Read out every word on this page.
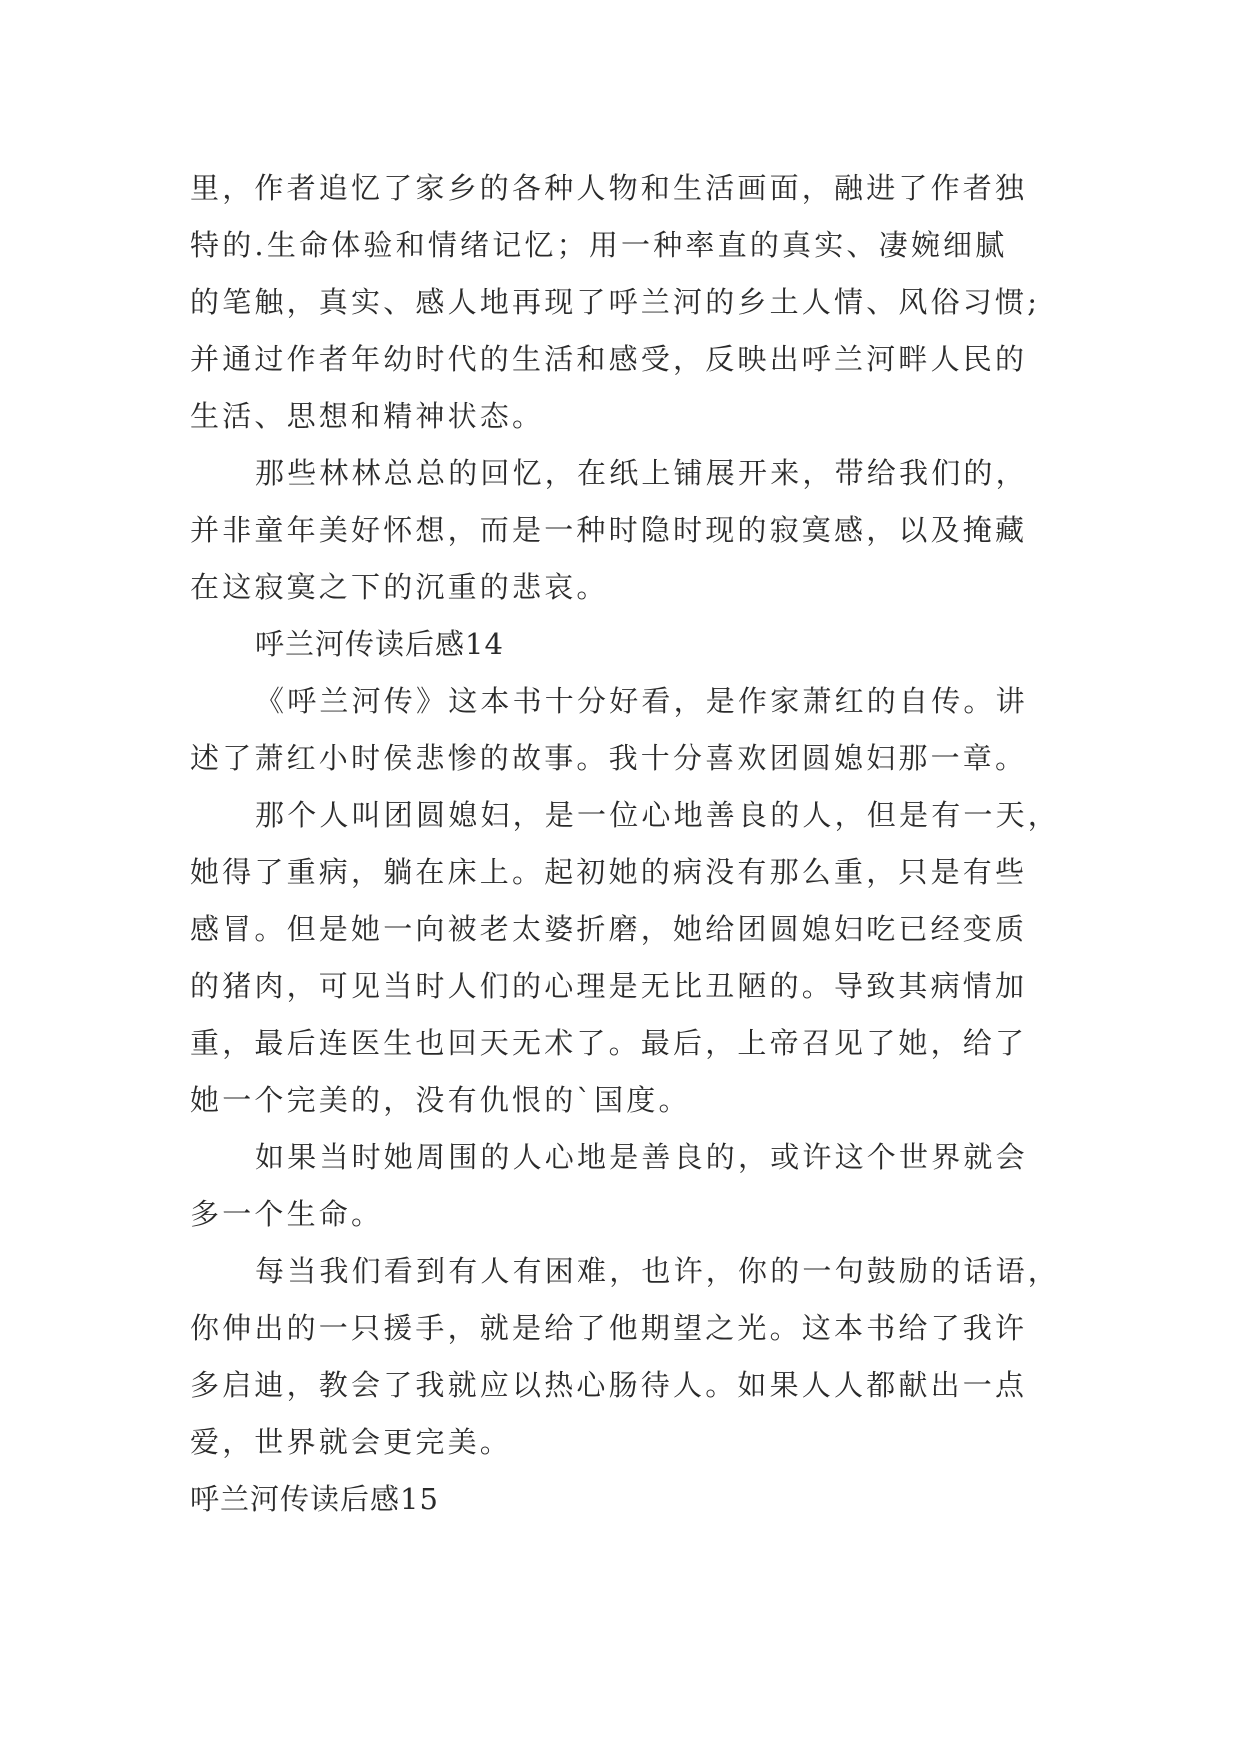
里，作者追忆了家乡的各种人物和生活画面，融进了作者独
特的.生命体验和情绪记忆；用一种率直的真实、凄婉细腻
的笔触，真实、感人地再现了呼兰河的乡土人情、风俗习惯;
并通过作者年幼时代的生活和感受，反映出呼兰河畔人民的
生活、思想和精神状态。
那些林林总总的回忆，在纸上铺展开来，带给我们的，
并非童年美好怀想，而是一种时隐时现的寂寞感，以及掩藏
在这寂寞之下的沉重的悲哀。
呼兰河传读后感14
《呼兰河传》这本书十分好看，是作家萧红的自传。讲
述了萧红小时侯悲惨的故事。我十分喜欢团圆媳妇那一章。
那个人叫团圆媳妇，是一位心地善良的人，但是有一天，
她得了重病，躺在床上。起初她的病没有那么重，只是有些
感冒。但是她一向被老太婆折磨，她给团圆媳妇吃已经变质
的猪肉，可见当时人们的心理是无比丑陋的。导致其病情加
重，最后连医生也回天无术了。最后，上帝召见了她，给了
她一个完美的，没有仇恨的`国度。
如果当时她周围的人心地是善良的，或许这个世界就会
多一个生命。
每当我们看到有人有困难，也许，你的一句鼓励的话语，
你伸出的一只援手，就是给了他期望之光。这本书给了我许
多启迪，教会了我就应以热心肠待人。如果人人都献出一点
爱，世界就会更完美。
呼兰河传读后感15
